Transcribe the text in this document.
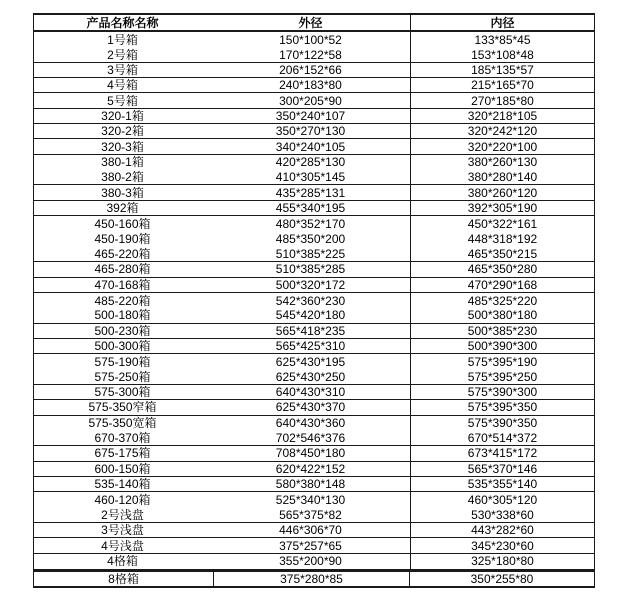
产品名称名称	外径	内径
1号箱	150*100*52	133*85*45
2号箱	170*122*58	153*108*48
3号箱	206*152*66	185*135*57
4号箱	240*183*80	215*165*70
5号箱	300*205*90	270*185*80
320-1箱	350*240*107	320*218*105
320-2箱	350*270*130	320*242*120
320-3箱	340*240*105	320*220*100
380-1箱	420*285*130	380*260*130
380-2箱	410*305*145	380*280*140
380-3箱	435*285*131	380*260*120
392箱	455*340*195	392*305*190
450-160箱	480*352*170	450*322*161
450-190箱	485*350*200	448*318*192
465-220箱	510*385*225	465*350*215
465-280箱	510*385*285	465*350*280
470-168箱	500*320*172	470*290*168
485-220箱	542*360*230	485*325*220
500-180箱	545*420*180	500*380*180
500-230箱	565*418*235	500*385*230
500-300箱	565*425*310	500*390*300
575-190箱	625*430*195	575*395*190
575-250箱	625*430*250	575*395*250
575-300箱	640*430*310	575*390*300
575-350窄箱	625*430*370	575*395*350
575-350宽箱	640*430*360	575*390*350
670-370箱	702*546*376	670*514*372
675-175箱	708*450*180	673*415*172
600-150箱	620*422*152	565*370*146
535-140箱	580*380*148	535*355*140
460-120箱	525*340*130	460*305*120
2号浅盘	565*375*82	530*338*60
3号浅盘	446*306*70	443*282*60
4号浅盘	375*257*65	345*230*60
4格箱	355*200*90	325*180*80
8格箱	375*280*85	350*255*80
